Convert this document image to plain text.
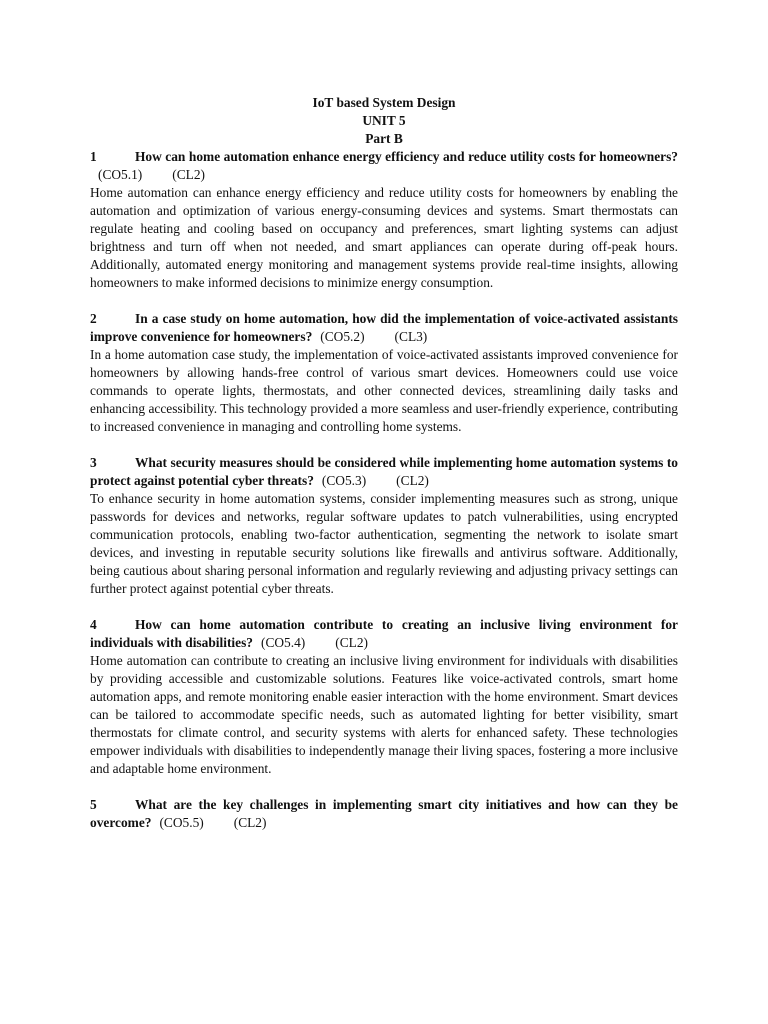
IoT based System Design
UNIT 5
Part B
1	How can home automation enhance energy efficiency and reduce utility costs for homeowners?(CO5.1) (CL2)

Home automation can enhance energy efficiency and reduce utility costs for homeowners by enabling the automation and optimization of various energy-consuming devices and systems. Smart thermostats can regulate heating and cooling based on occupancy and preferences, smart lighting systems can adjust brightness and turn off when not needed, and smart appliances can operate during off-peak hours. Additionally, automated energy monitoring and management systems provide real-time insights, allowing homeowners to make informed decisions to minimize energy consumption.

2	In a case study on home automation, how did the implementation of voice-activated assistants improve convenience for homeowners? (CO5.2) (CL3)

In a home automation case study, the implementation of voice-activated assistants improved convenience for homeowners by allowing hands-free control of various smart devices. Homeowners could use voice commands to operate lights, thermostats, and other connected devices, streamlining daily tasks and enhancing accessibility. This technology provided a more seamless and user-friendly experience, contributing to increased convenience in managing and controlling home systems.

3	What security measures should be considered while implementing home automation systems to protect against potential cyber threats? (CO5.3) (CL2)

To enhance security in home automation systems, consider implementing measures such as strong, unique passwords for devices and networks, regular software updates to patch vulnerabilities, using encrypted communication protocols, enabling two-factor authentication, segmenting the network to isolate smart devices, and investing in reputable security solutions like firewalls and antivirus software. Additionally, being cautious about sharing personal information and regularly reviewing and adjusting privacy settings can further protect against potential cyber threats.

4	How can home automation contribute to creating an inclusive living environment for individuals with disabilities? (CO5.4) (CL2)

Home automation can contribute to creating an inclusive living environment for individuals with disabilities by providing accessible and customizable solutions. Features like voice-activated controls, smart home automation apps, and remote monitoring enable easier interaction with the home environment. Smart devices can be tailored to accommodate specific needs, such as automated lighting for better visibility, smart thermostats for climate control, and security systems with alerts for enhanced safety. These technologies empower individuals with disabilities to independently manage their living spaces, fostering a more inclusive and adaptable home environment.

5	What are the key challenges in implementing smart city initiatives and how can they be overcome? (CO5.5) (CL2)
